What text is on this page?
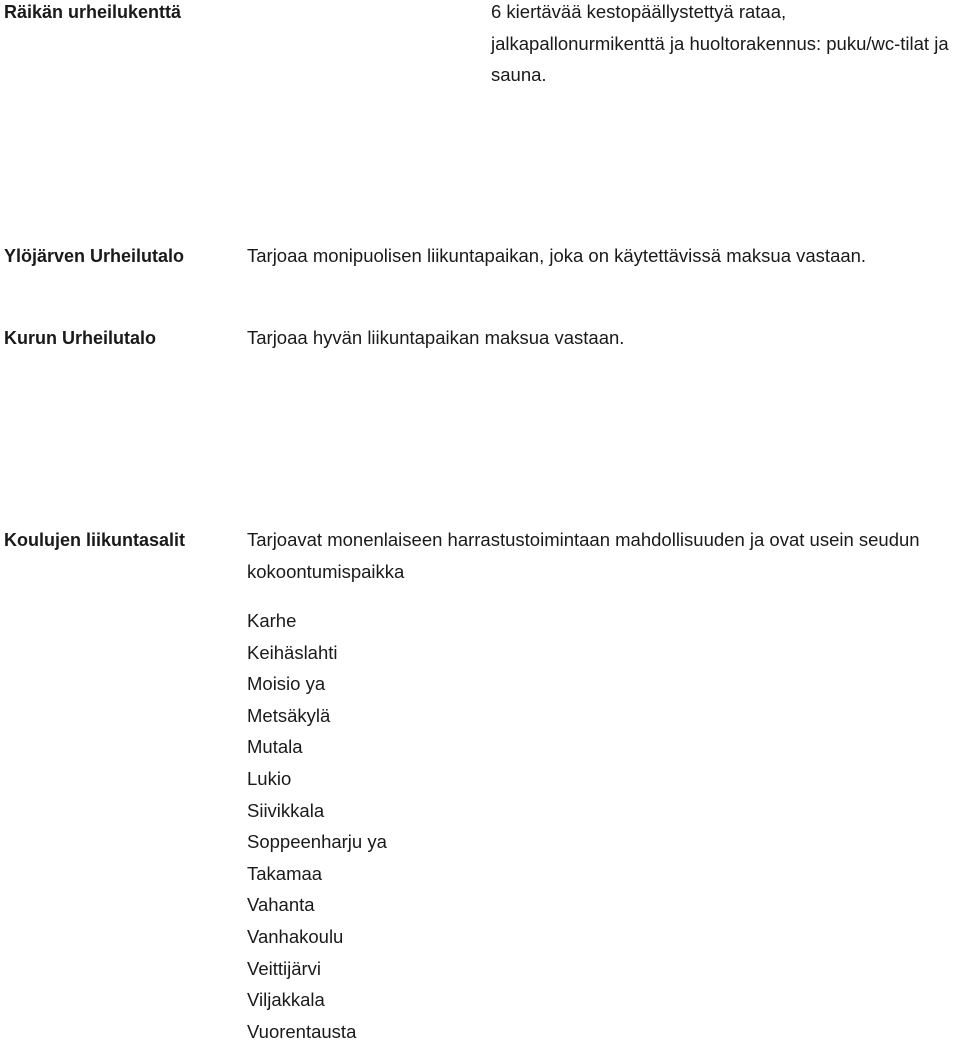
Räikän urheilukenttä	6 kiertävää kestopäällystettyä rataa, jalkapallonurmikenttä ja huoltorakennus: puku/wc-tilat ja sauna.
Ylöjärven Urheilutalo	Tarjoaa monipuolisen liikuntapaikan, joka on käytettävissä maksua vastaan.
Kurun Urheilutalo	Tarjoaa hyvän liikuntapaikan maksua vastaan.
Koulujen liikuntasalit	Tarjoavat monenlaiseen harrastustoimintaan mahdollisuuden ja ovat usein seudun kokoontumispaikka
Karhe
Keihäslahti
Moisio ya
Metsäkylä
Mutala
Lukio
Siivikkala
Soppeenharju ya
Takamaa
Vahanta
Vanhakoulu
Veittijärvi
Viljakkala
Vuorentausta
